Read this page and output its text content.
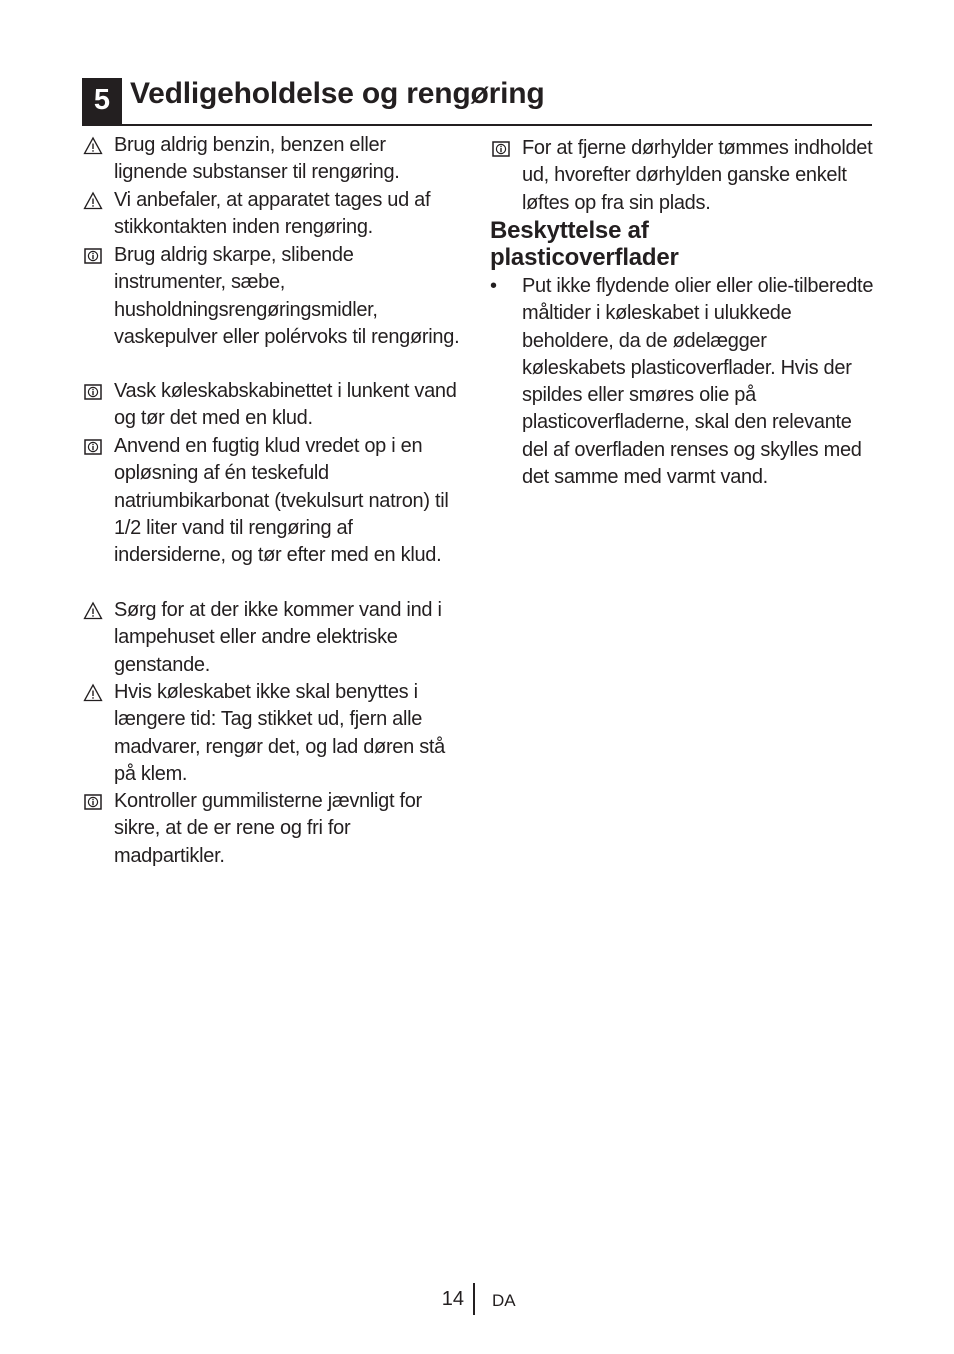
5 Vedligeholdelse og rengøring
Brug aldrig benzin, benzen eller lignende substanser til rengøring.
Vi anbefaler, at apparatet tages ud af stikkontakten inden rengøring.
Brug aldrig skarpe, slibende instrumenter, sæbe, husholdningsrengøringsmidler, vaskepulver eller polérvoks til rengøring.
Vask køleskabskabinettet i lunkent vand og tør det med en klud.
Anvend en fugtig klud vredet op i en opløsning af én teskefuld natriumbikarbonat (tvekulsurt natron) til 1/2 liter vand til rengøring af indersiderne, og tør efter med en klud.
Sørg for at der ikke kommer vand ind i lampehuset eller andre elektriske genstande.
Hvis køleskabet ikke skal benyttes i længere tid: Tag stikket ud, fjern alle madvarer, rengør det, og lad døren stå på klem.
Kontroller gummilisterne jævnligt for sikre, at de er rene og fri for madpartikler.
For at fjerne dørhylder tømmes indholdet ud, hvorefter dørhylden ganske enkelt løftes op fra sin plads.
Beskyttelse af
plasticoverflader
• Put ikke flydende olier eller olie-tilberedte måltider i køleskabet i ulukkede beholdere, da de ødelægger køleskabets plasticoverflader. Hvis der spildes eller smøres olie på plasticoverfladerne, skal den relevante del af overfladen renses og skylles med det samme med varmt vand.
14 DA
